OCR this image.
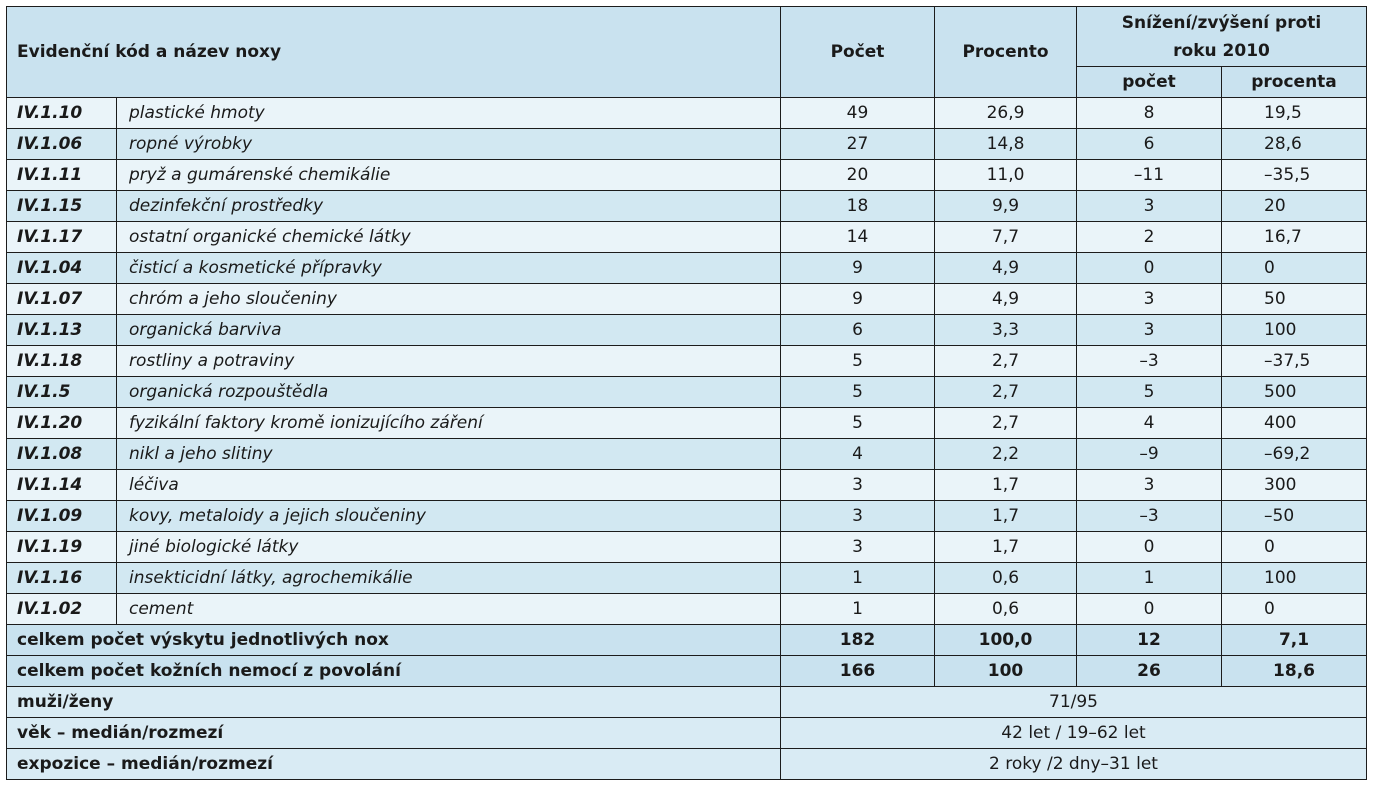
Evidenční kód a název noxy		Počet	Procento	Snížení/zvýšení proti
roku 2010	

				počet	procenta
IV.1.10	plastické hmoty	49	26,9	8	19,5
IV.1.06	ropné výrobky	27	14,8	6	28,6
IV.1.11	pryž a gumárenské chemikálie	20	11,0	–11	–35,5
IV.1.15	dezinfekční prostředky	18	9,9	3	20
IV.1.17	ostatní organické chemické látky	14	7,7	2	16,7
IV.1.04	čisticí a kosmetické přípravky	9	4,9	0	0
IV.1.07	chróm a jeho sloučeniny	9	4,9	3	50
IV.1.13	organická barviva	6	3,3	3	100
IV.1.18	rostliny a potraviny	5	2,7	–3	–37,5
IV.1.5	organická rozpouštědla	5	2,7	5	500
IV.1.20	fyzikální faktory kromě ionizujícího záření	5	2,7	4	400
IV.1.08	nikl a jeho slitiny	4	2,2	–9	–69,2
IV.1.14	léčiva	3	1,7	3	300
IV.1.09	kovy, metaloidy a jejich sloučeniny	3	1,7	–3	–50
IV.1.19	jiné biologické látky	3	1,7	0	0
IV.1.16	insekticidní látky, agrochemikálie	1	0,6	1	100
IV.1.02	cement	1	0,6	0	0
celkem počet výskytu jednotlivých nox		182	100,0	12	7,1
celkem počet kožních nemocí z povolání		166	100	26	18,6
muži/ženy		71/95			
věk – medián/rozmezí		42 let / 19–62 let			
expozice – medián/rozmezí		2 roky /2 dny–31 let			
